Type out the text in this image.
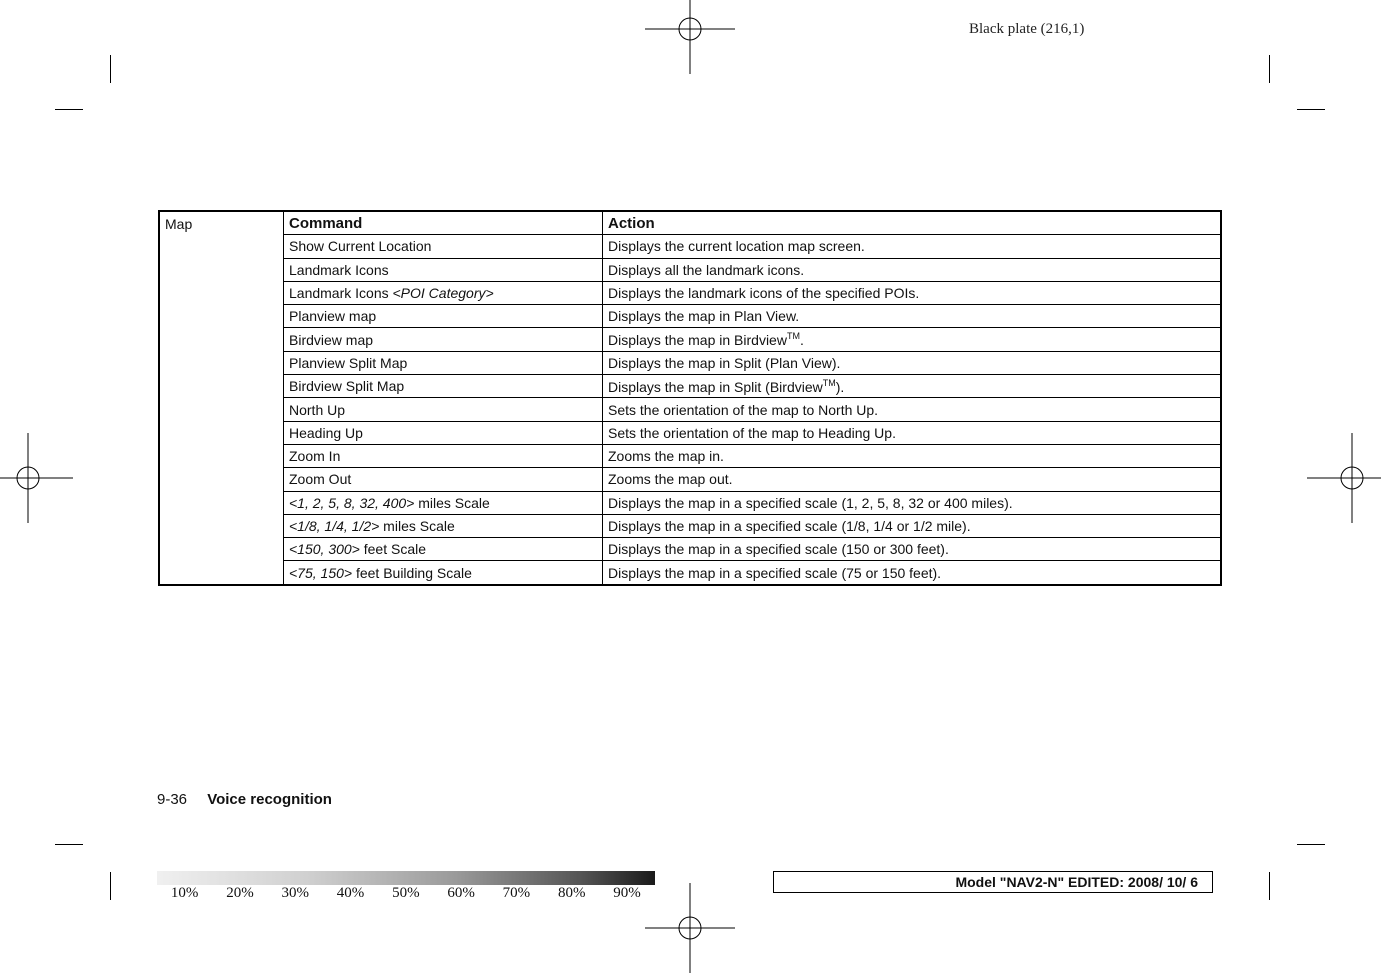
Black plate (216,1)
Map	Command	Action
	Show Current Location	Displays the current location map screen.
	Landmark Icons	Displays all the landmark icons.
	Landmark Icons <POI Category>	Displays the landmark icons of the specified POIs.
	Planview map	Displays the map in Plan View.
	Birdview map	Displays the map in Birdview™.
	Planview Split Map	Displays the map in Split (Plan View).
	Birdview Split Map	Displays the map in Split (Birdview™).
	North Up	Sets the orientation of the map to North Up.
	Heading Up	Sets the orientation of the map to Heading Up.
	Zoom In	Zooms the map in.
	Zoom Out	Zooms the map out.
	<1, 2, 5, 8, 32, 400> miles Scale	Displays the map in a specified scale (1, 2, 5, 8, 32 or 400 miles).
	<1/8, 1/4, 1/2> miles Scale	Displays the map in a specified scale (1/8, 1/4 or 1/2 mile).
	<150, 300> feet Scale	Displays the map in a specified scale (150 or 300 feet).
	<75, 150> feet Building Scale	Displays the map in a specified scale (75 or 150 feet).
9-36 Voice recognition
10%	20%	30%	40%	50%	60%	70%	80%	90%
Model "NAV2-N" EDITED: 2008/ 10/ 6
